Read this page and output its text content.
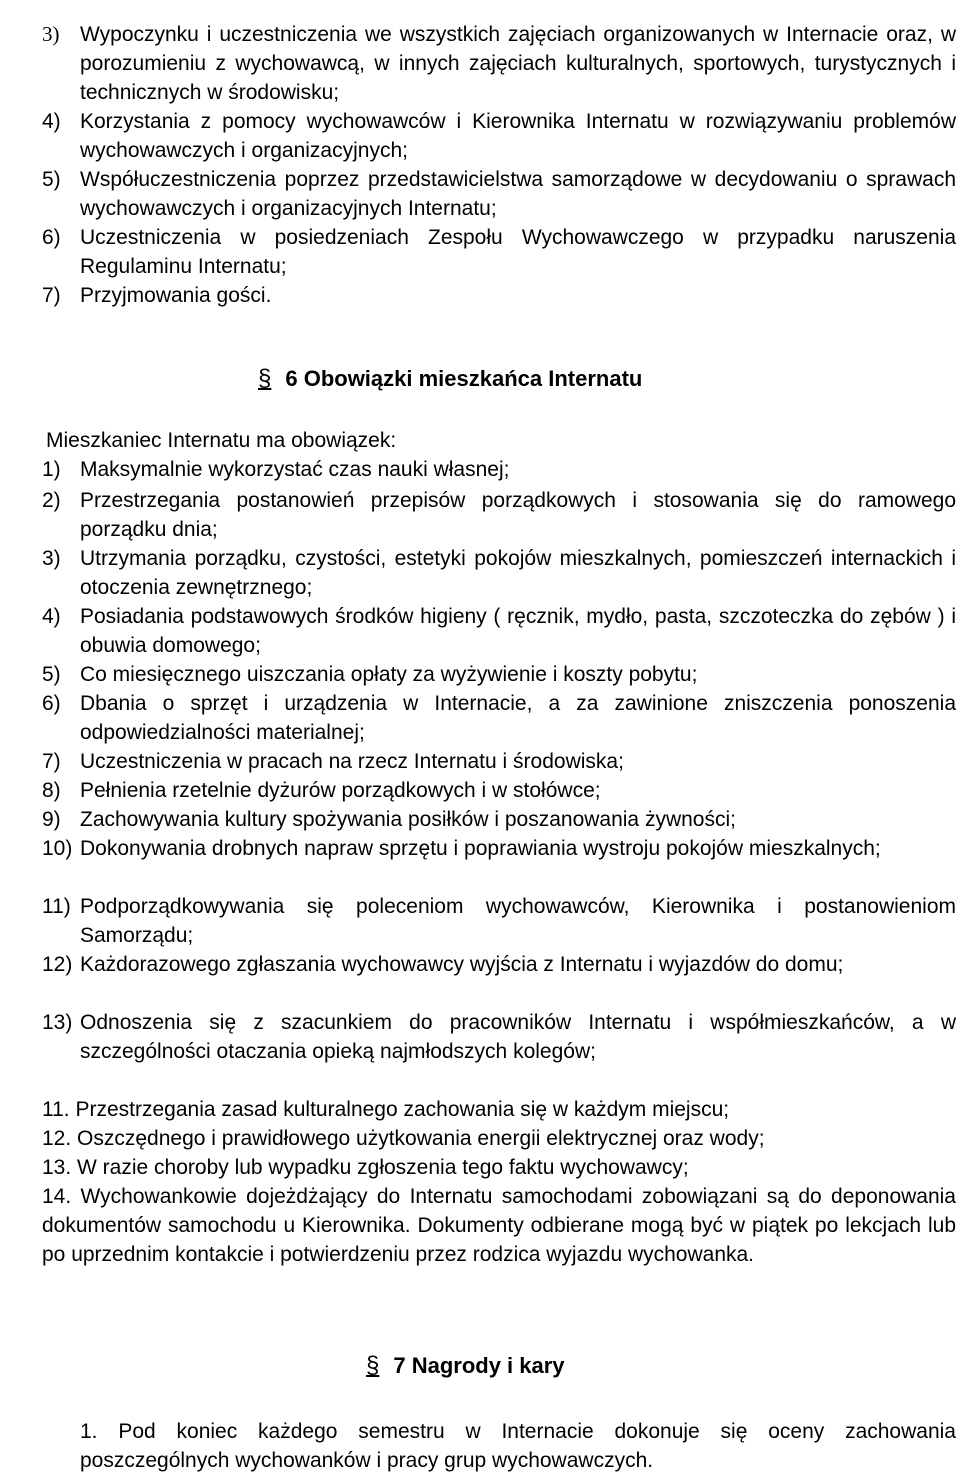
3) Wypoczynku i uczestniczenia we wszystkich zajęciach organizowanych w Internacie oraz, w porozumieniu z wychowawcą, w innych zajęciach kulturalnych, sportowych, turystycznych i technicznych w środowisku;
4) Korzystania z pomocy wychowawców i Kierownika Internatu w rozwiązywaniu problemów wychowawczych i organizacyjnych;
5) Współuczestniczenia poprzez przedstawicielstwa samorządowe w decydowaniu o sprawach wychowawczych i organizacyjnych Internatu;
6) Uczestniczenia w posiedzeniach Zespołu Wychowawczego w przypadku naruszenia Regulaminu Internatu;
7) Przyjmowania gości.
§ 6 Obowiązki mieszkańca Internatu
Mieszkaniec Internatu ma obowiązek:
1) Maksymalnie wykorzystać czas nauki własnej;
2) Przestrzegania postanowień przepisów porządkowych i stosowania się do ramowego porządku dnia;
3) Utrzymania porządku, czystości, estetyki pokojów mieszkalnych, pomieszczeń internackich i otoczenia zewnętrznego;
4) Posiadania podstawowych środków higieny ( ręcznik, mydło, pasta, szczoteczka do zębów ) i obuwia domowego;
5) Co miesięcznego uiszczania opłaty za wyżywienie i koszty pobytu;
6) Dbania o sprzęt i urządzenia w Internacie, a za zawinione zniszczenia ponoszenia odpowiedzialności materialnej;
7) Uczestniczenia w pracach na rzecz Internatu i środowiska;
8) Pełnienia rzetelnie dyżurów porządkowych i w stołówce;
9) Zachowywania kultury spożywania posiłków i poszanowania żywności;
10) Dokonywania drobnych napraw sprzętu i poprawiania wystroju pokojów mieszkalnych;
11) Podporządkowywania się poleceniom wychowawców, Kierownika i postanowieniom Samorządu;
12) Każdorazowego zgłaszania wychowawcy wyjścia z Internatu i wyjazdów do domu;
13) Odnoszenia się z szacunkiem do pracowników Internatu i współmieszkańców, a w szczególności otaczania opieką najmłodszych kolegów;
11. Przestrzegania zasad kulturalnego zachowania się w każdym miejscu;
12. Oszczędnego i prawidłowego użytkowania energii elektrycznej oraz wody;
13. W razie choroby lub wypadku zgłoszenia tego faktu wychowawcy;
14. Wychowankowie dojeżdżający do Internatu samochodami zobowiązani są do deponowania dokumentów samochodu u Kierownika. Dokumenty odbierane mogą być w piątek po lekcjach lub po uprzednim kontakcie i potwierdzeniu przez rodzica wyjazdu wychowanka.
§ 7 Nagrody i kary
1. Pod koniec każdego semestru w Internacie dokonuje się oceny zachowania poszczególnych wychowanków i pracy grup wychowawczych.
